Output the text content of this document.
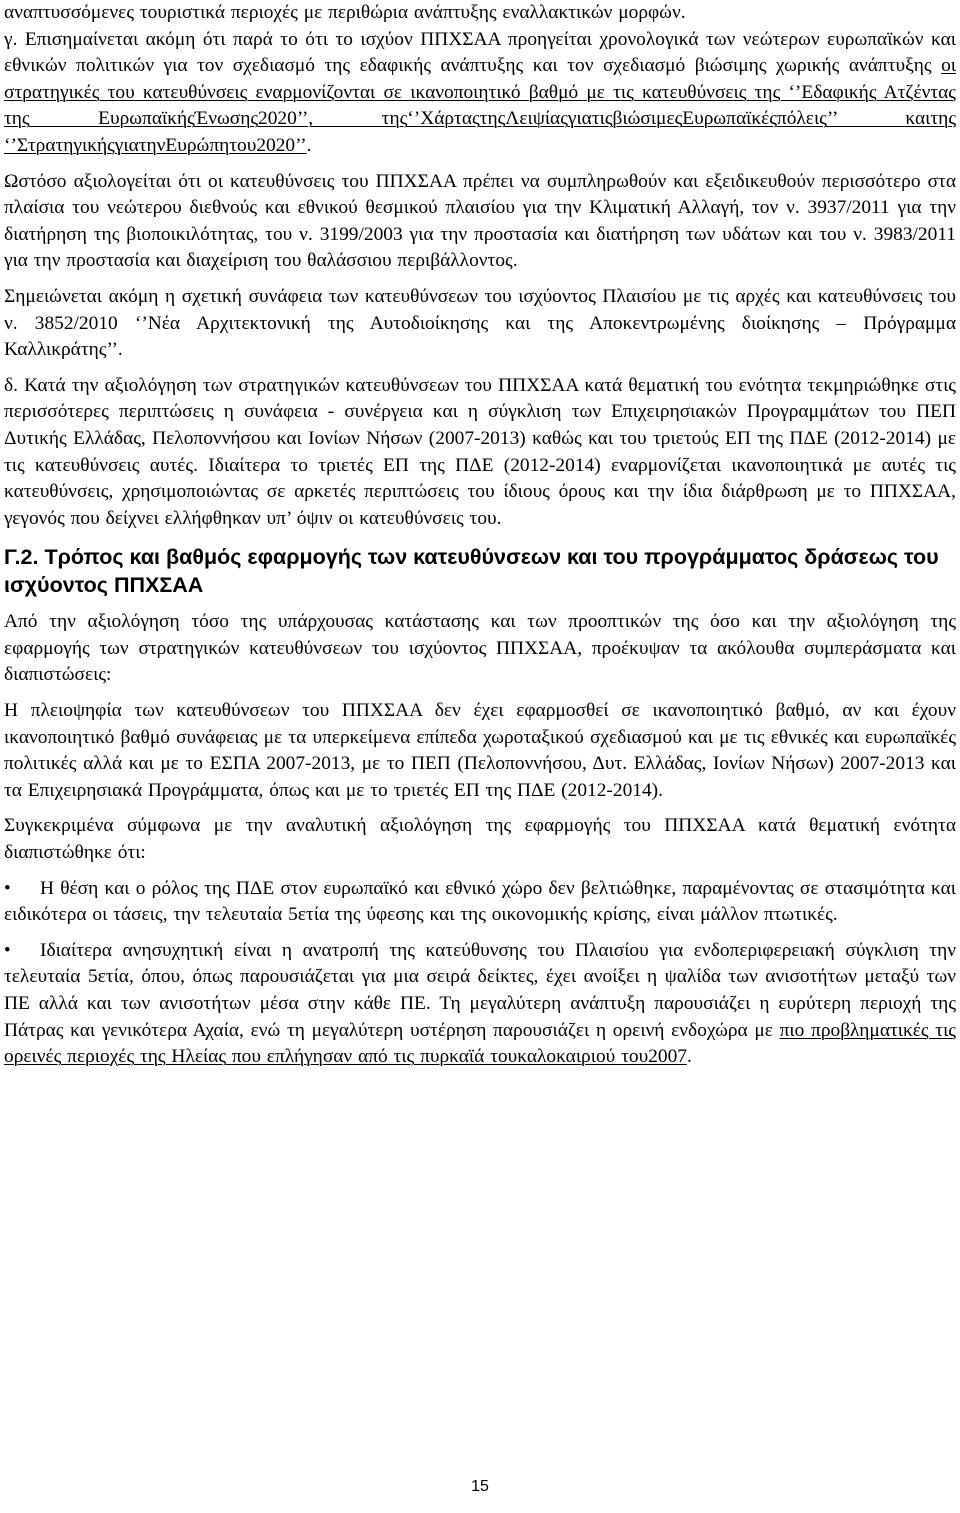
αναπτυσσόμενες τουριστικά περιοχές με περιθώρια ανάπτυξης εναλλακτικών μορφών.

γ. Επισημαίνεται ακόμη ότι παρά το ότι το ισχύον ΠΠΧΣΑΑ προηγείται χρονολογικά των νεώτερων ευρωπαϊκών και εθνικών πολιτικών για τον σχεδιασμό της εδαφικής ανάπτυξης και τον σχεδιασμό βιώσιμης χωρικής ανάπτυξης οι στρατηγικές του κατευθύνσεις εναρμονίζονται σε ικανοποιητικό βαθμό με τις κατευθύνσεις της ‘’Εδαφικής Ατζέντας της ΕυρωπαϊκήςΈνωσης2020’’, της‘’ΧάρταςτηςΛειψίαςγιατιςβιώσιμεςΕυρωπαϊκέςπόλεις’’ καιτης ‘’ΣτρατηγικήςγιατηνΕυρώπητου2020’’.

Ωστόσο αξιολογείται ότι οι κατευθύνσεις του ΠΠΧΣΑΑ πρέπει να συμπληρωθούν και εξειδικευθούν περισσότερο στα πλαίσια του νεώτερου διεθνούς και εθνικού θεσμικού πλαισίου για την Κλιματική Αλλαγή, τον ν. 3937/2011 για την διατήρηση της βιοποικιλότητας, του ν. 3199/2003 για την προστασία και διατήρηση των υδάτων και του ν. 3983/2011 για την προστασία και διαχείριση του θαλάσσιου περιβάλλοντος.

Σημειώνεται ακόμη η σχετική συνάφεια των κατευθύνσεων του ισχύοντος Πλαισίου με τις αρχές και κατευθύνσεις του ν. 3852/2010 ‘’Νέα Αρχιτεκτονική της Αυτοδιοίκησης και της Αποκεντρωμένης διοίκησης – Πρόγραμμα Καλλικράτης’’.

δ. Κατά την αξιολόγηση των στρατηγικών κατευθύνσεων του ΠΠΧΣΑΑ κατά θεματική του ενότητα τεκμηριώθηκε στις περισσότερες περιπτώσεις η συνάφεια - συνέργεια και η σύγκλιση των Επιχειρησιακών Προγραμμάτων του ΠΕΠ Δυτικής Ελλάδας, Πελοποννήσου και Ιονίων Νήσων (2007-2013) καθώς και του τριετούς ΕΠ της ΠΔΕ (2012-2014) με τις κατευθύνσεις αυτές. Ιδιαίτερα το τριετές ΕΠ της ΠΔΕ (2012-2014) εναρμονίζεται ικανοποιητικά με αυτές τις κατευθύνσεις, χρησιμοποιώντας σε αρκετές περιπτώσεις του ίδιους όρους και την ίδια διάρθρωση με το ΠΠΧΣΑΑ, γεγονός που δείχνει ελλήφθηκαν υπ’ όψιν οι κατευθύνσεις του.

Γ.2. Τρόπος και βαθμός εφαρμογής των κατευθύνσεων και του προγράμματος δράσεως του ισχύοντος ΠΠΧΣΑΑ

Από την αξιολόγηση τόσο της υπάρχουσας κατάστασης και των προοπτικών της όσο και την αξιολόγηση της εφαρμογής των στρατηγικών κατευθύνσεων του ισχύοντος ΠΠΧΣΑΑ, προέκυψαν τα ακόλουθα συμπεράσματα και διαπιστώσεις:

Η πλειοψηφία των κατευθύνσεων του ΠΠΧΣΑΑ δεν έχει εφαρμοσθεί σε ικανοποιητικό βαθμό, αν και έχουν ικανοποιητικό βαθμό συνάφειας με τα υπερκείμενα επίπεδα χωροταξικού σχεδιασμού και με τις εθνικές και ευρωπαϊκές πολιτικές αλλά και με το ΕΣΠΑ 2007-2013, με το ΠΕΠ (Πελοποννήσου, Δυτ. Ελλάδας, Ιονίων Νήσων) 2007-2013 και τα Επιχειρησιακά Προγράμματα, όπως και με το τριετές ΕΠ της ΠΔΕ (2012-2014).

Συγκεκριμένα σύμφωνα με την αναλυτική αξιολόγηση της εφαρμογής του ΠΠΧΣΑΑ κατά θεματική ενότητα διαπιστώθηκε ότι:

• Η θέση και ο ρόλος της ΠΔΕ στον ευρωπαϊκό και εθνικό χώρο δεν βελτιώθηκε, παραμένοντας σε στασιμότητα και ειδικότερα οι τάσεις, την τελευταία 5ετία της ύφεσης και της οικονομικής κρίσης, είναι μάλλον πτωτικές.

• Ιδιαίτερα ανησυχητική είναι η ανατροπή της κατεύθυνσης του Πλαισίου για ενδοπεριφερειακή σύγκλιση την τελευταία 5ετία, όπου, όπως παρουσιάζεται για μια σειρά δείκτες, έχει ανοίξει η ψαλίδα των ανισοτήτων μεταξύ των ΠΕ αλλά και των ανισοτήτων μέσα στην κάθε ΠΕ. Τη μεγαλύτερη ανάπτυξη παρουσιάζει η ευρύτερη περιοχή της Πάτρας και γενικότερα Αχαία, ενώ τη μεγαλύτερη υστέρηση παρουσιάζει η ορεινή ενδοχώρα με πιο προβληματικές τις ορεινές περιοχές της Ηλείας που επλήγησαν από τις πυρκαϊά τουκαλοκαιριού του2007.

15
